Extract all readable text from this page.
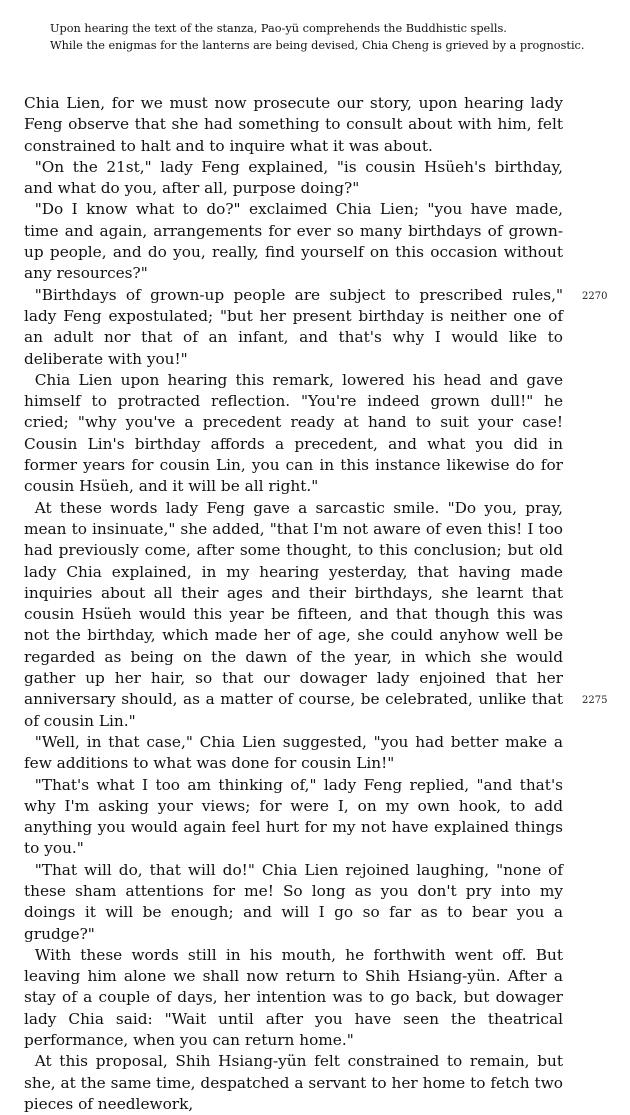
Upon hearing the text of the stanza, Pao-yü comprehends the Buddhistic spells.
While the enigmas for the lanterns are being devised, Chia Cheng is grieved by a prognostic.

Chia Lien, for we must now prosecute our story, upon hearing lady Feng observe that she had something to consult about with him, felt constrained to halt and to inquire what it was about.

"On the 21st," lady Feng explained, "is cousin Hsüeh's birthday, and what do you, after all, purpose doing?"

"Do I know what to do?" exclaimed Chia Lien; "you have made, time and again, arrangements for ever so many birthdays of grown-up people, and do you, really, find yourself on this occasion without any resources?"

"Birthdays of grown-up people are subject to prescribed rules," lady Feng expostulated; "but her present birthday is neither one of an adult nor that of an infant, and that's why I would like to deliberate with you!"

Chia Lien upon hearing this remark, lowered his head and gave himself to protracted reflection. "You're indeed grown dull!" he cried; "why you've a precedent ready at hand to suit your case! Cousin Lin's birthday affords a precedent, and what you did in former years for cousin Lin, you can in this instance likewise do for cousin Hsüeh, and it will be all right."

At these words lady Feng gave a sarcastic smile. "Do you, pray, mean to insinuate," she added, "that I'm not aware of even this! I too had previously come, after some thought, to this conclusion; but old lady Chia explained, in my hearing yesterday, that having made inquiries about all their ages and their birthdays, she learnt that cousin Hsüeh would this year be fifteen, and that though this was not the birthday, which made her of age, she could anyhow well be regarded as being on the dawn of the year, in which she would gather up her hair, so that our dowager lady enjoined that her anniversary should, as a matter of course, be celebrated, unlike that of cousin Lin."

"Well, in that case," Chia Lien suggested, "you had better make a few additions to what was done for cousin Lin!"

"That's what I too am thinking of," lady Feng replied, "and that's why I'm asking your views; for were I, on my own hook, to add anything you would again feel hurt for my not have explained things to you."

"That will do, that will do!" Chia Lien rejoined laughing, "none of these sham attentions for me! So long as you don't pry into my doings it will be enough; and will I go so far as to bear you a grudge?"

With these words still in his mouth, he forthwith went off. But leaving him alone we shall now return to Shih Hsiang-yün. After a stay of a couple of days, her intention was to go back, but dowager lady Chia said: "Wait until after you have seen the theatrical performance, when you can return home."

At this proposal, Shih Hsiang-yün felt constrained to remain, but she, at the same time, despatched a servant to her home to fetch two pieces of needlework,

2270
2275
